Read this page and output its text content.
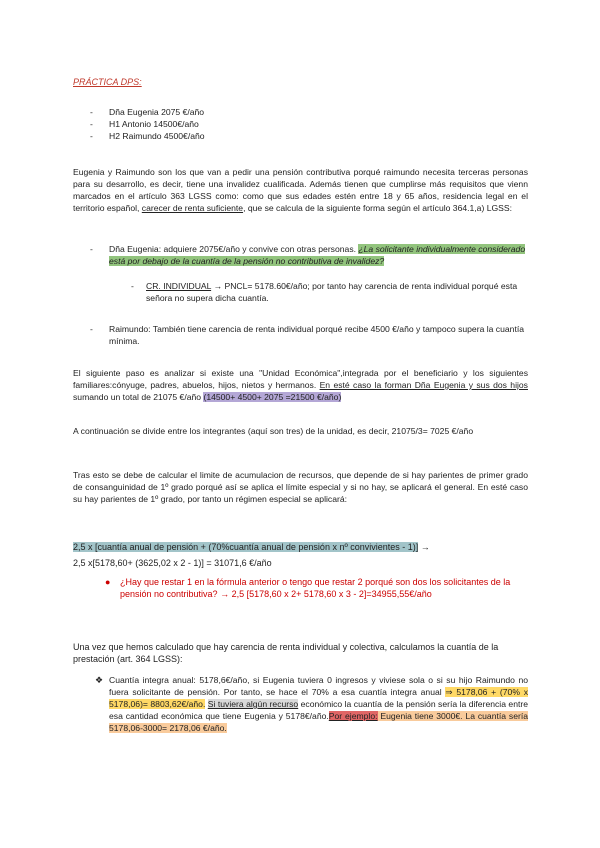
PRÁCTICA DPS:
- Dña Eugenia 2075 €/año
- H1 Antonio 14500€/año
- H2 Raimundo 4500€/año
Eugenia y Raimundo son los que van a pedir una pensión contributiva porqué raimundo necesita terceras personas para su desarrollo, es decir, tiene una invalidez cualificada. Además tienen que cumplirse más requisitos que vienn marcados en el artículo 363 LGSS como: como que sus edades estén entre 18 y 65 años, residencia legal en el territorio español, carecer de renta suficiente, que se calcula de la siguiente forma según el artículo 364.1,a) LGSS:
-	Dña Eugenia: adquiere 2075€/año y convive con otras personas. ¿La solicitante individualmente considerado está por debajo de la cuantía de la pensión no contributiva de invalidez?
-	CR. INDIVIDUAL → PNCL= 5178.60€/año; por tanto hay carencia de renta individual porqué esta señora no supera dicha cuantía.
-	Raimundo: También tiene carencia de renta individual porqué recibe 4500 €/año y tampoco supera la cuantía mínima.
El siguiente paso es analizar si existe una "Unidad Económica",integrada por el beneficiario y los siguientes familiares:cónyuge, padres, abuelos, hijos, nietos y hermanos. En esté caso la forman Dña Eugenia y sus dos hijos sumando un total de 21075 €/año (14500+ 4500+ 2075 =21500 €/año)
A continuación se divide entre los integrantes (aquí son tres) de la unidad, es decir, 21075/3= 7025 €/año
Tras esto se debe de calcular el limite de acumulacion de recursos, que depende de si hay parientes de primer grado de consanguinidad de 1º grado porqué así se aplica el límite especial y si no hay, se aplicará el general. En esté caso su hay parientes de 1º grado, por tanto un régimen especial se aplicará:
2,5 x [cuantía anual de pensión + (70%cuantía anual de pensión x nº convivientes - 1)] →
2,5 x[5178,60+ (3625,02 x 2 - 1)] = 31071,6 €/año
●	¿Hay que restar 1 en la fórmula anterior o tengo que restar 2 porqué son dos los solicitantes de la pensión no contributiva? → 2,5 [5178,60 x 2+ 5178,60 x 3 - 2]=34955,55€/año
Una vez que hemos calculado que hay carencia de renta individual y colectiva, calculamos la cuantía de la prestación (art. 364 LGSS):
❖ Cuantía integra anual: 5178,6€/año, si Eugenia tuviera 0 ingresos y viviese sola o si su hijo Raimundo no fuera solicitante de pensión. Por tanto, se hace el 70% a esa cuantía integra anual ⇒ 5178,06 + (70% x 5178,06)= 8803,62€/año. Si tuviera algún recurso económico la cuantía de la pensión sería la diferencia entre esa cantidad económica que tiene Eugenia y 5178€/año.Por ejemplo: Eugenia tiene 3000€. La cuantía sería 5178,06-3000= 2178,06 €/año.
